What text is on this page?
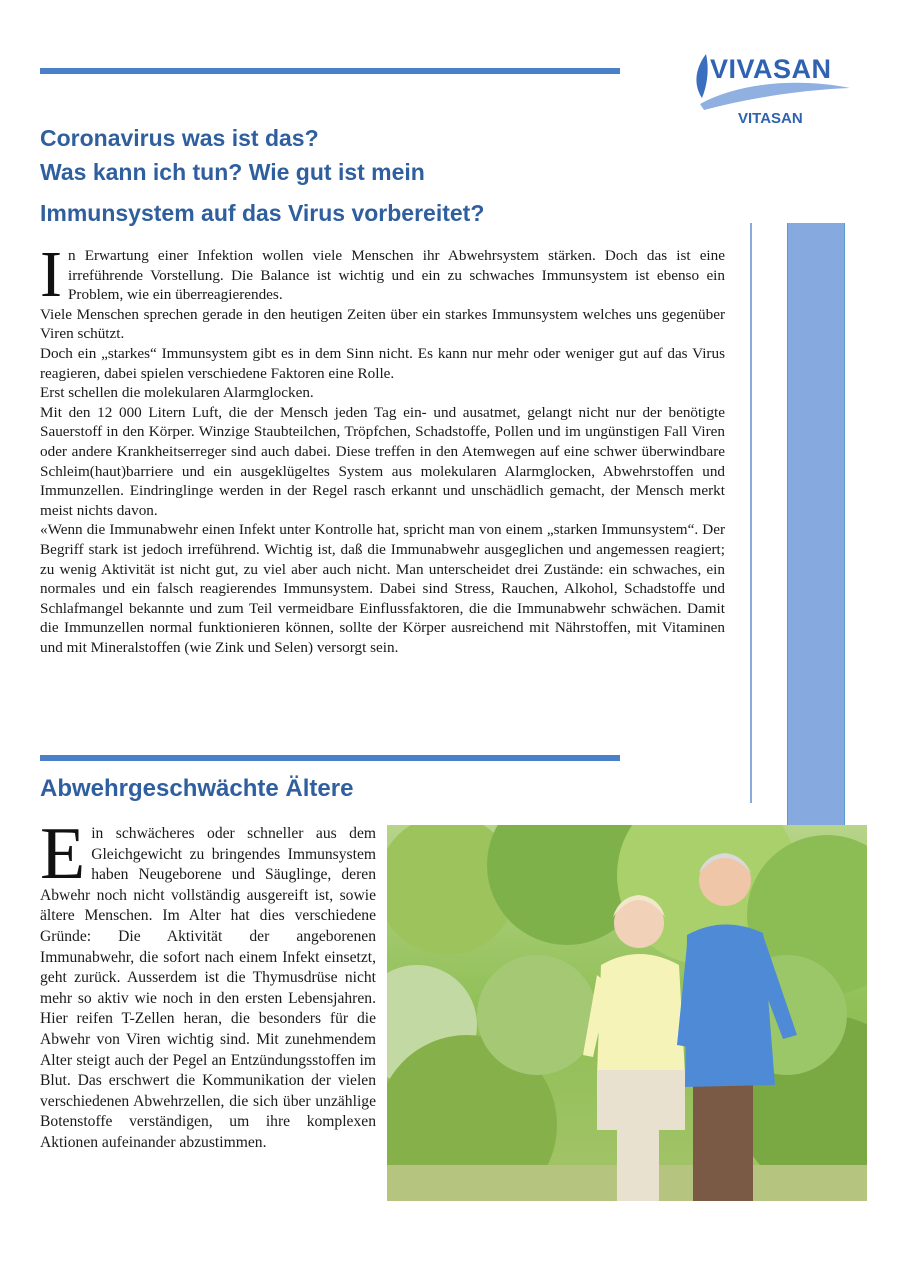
VIVASAN
VITASAN
Coronavirus was ist das?
Was kann ich tun? Wie gut ist mein
Immunsystem auf das Virus vorbereitet?
I n Erwartung einer Infektion wollen viele Menschen ihr Abwehrsystem stärken. Doch das ist eine irreführende Vorstellung. Die Balance ist wichtig und ein zu schwaches Immunsystem ist ebenso ein Problem, wie ein überreagierendes.

Viele Menschen sprechen gerade in den heutigen Zeiten über ein starkes Immunsystem welches uns gegenüber Viren schützt.

Doch ein „starkes“ Immunsystem gibt es in dem Sinn nicht. Es kann nur mehr oder weniger gut auf das Virus reagieren, dabei spielen verschiedene Faktoren eine Rolle.

Erst schellen die molekularen Alarmglocken.

Mit den 12 000 Litern Luft, die der Mensch jeden Tag ein- und ausatmet, gelangt nicht nur der benötigte Sauerstoff in den Körper. Winzige Staubteilchen, Tröpfchen, Schadstoffe, Pollen und im ungünstigen Fall Viren oder andere Krankheitserreger sind auch dabei. Diese treffen in den Atemwegen auf eine schwer überwindbare Schleim(haut)barriere und ein ausgeklügeltes System aus molekularen Alarmglocken, Abwehrstoffen und Immunzellen. Eindringlinge werden in der Regel rasch erkannt und unschädlich gemacht, der Mensch merkt meist nichts davon.

«Wenn die Immunabwehr einen Infekt unter Kontrolle hat, spricht man von einem „starken Immunsystem“. Der Begriff stark ist jedoch irreführend. Wichtig ist, daß die Immunabwehr ausgeglichen und angemessen reagiert; zu wenig Aktivität ist nicht gut, zu viel aber auch nicht. Man unterscheidet drei Zustände: ein schwaches, ein normales und ein falsch reagierendes Immunsystem. Dabei sind Stress, Rauchen, Alkohol, Schadstoffe und Schlafmangel bekannte und zum Teil vermeidbare Einflussfaktoren, die die Immunabwehr schwächen. Damit die Immunzellen normal funktionieren können, sollte der Körper ausreichend mit Nährstoffen, mit Vitaminen und mit Mineralstoffen (wie Zink und Selen) versorgt sein.

Abwehrgeschwächte Ältere
E in schwächeres oder schneller aus dem Gleichgewicht zu bringendes Immunsystem haben Neugeborene und Säuglinge, deren Abwehr noch nicht vollständig ausgereift ist, sowie ältere Menschen. Im Alter hat dies verschiedene Gründe: Die Aktivität der angeborenen Immunabwehr, die sofort nach einem Infekt einsetzt, geht zurück. Ausserdem ist die Thymusdrüse nicht mehr so aktiv wie noch in den ersten Lebensjahren. Hier reifen T-Zellen heran, die besonders für die Abwehr von Viren wichtig sind. Mit zunehmendem Alter steigt auch der Pegel an Entzündungsstoffen im Blut. Das erschwert die Kommunikation der vielen verschiedenen Abwehrzellen, die sich über unzählige Botenstoffe verständigen, um ihre komplexen Aktionen aufeinander abzustimmen.
